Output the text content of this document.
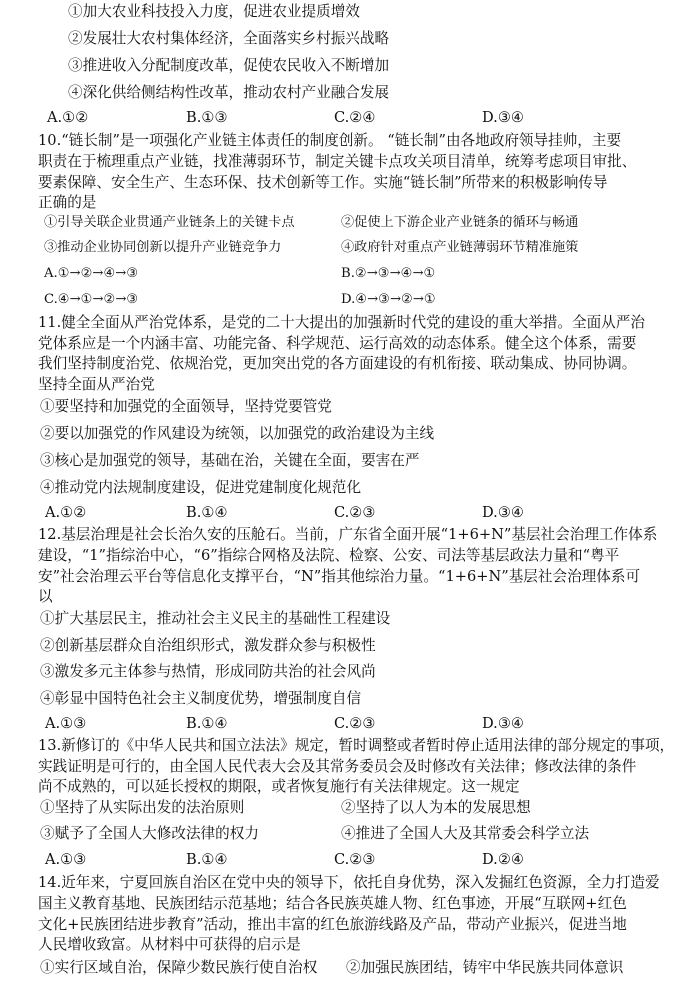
①加大农业科技投入力度，促进农业提质增效
②发展壮大农村集体经济，全面落实乡村振兴战略
③推进收入分配制度改革，促使农民收入不断增加
④深化供给侧结构性改革，推动农村产业融合发展
A.①②	B.①③	C.②④	D.③④
10.“链长制”是一项强化产业链主体责任的制度创新。 “链长制”由各地政府领导挂帅，主要
职责在于梳理重点产业链，找准薄弱环节，制定关键卡点攻关项目清单，统筹考虑项目审批、
要素保障、安全生产、生态环保、技术创新等工作。实施“链长制”所带来的积极影响传导
正确的是
①引导关联企业贯通产业链条上的关键卡点	②促使上下游企业产业链条的循环与畅通
③推动企业协同创新以提升产业链竞争力	④政府针对重点产业链薄弱环节精准施策
A.①→②→④→③	B.②→③→④→①
C.④→①→②→③	D.④→③→②→①
11.健全全面从严治党体系，是党的二十大提出的加强新时代党的建设的重大举措。全面从严治
党体系应是一个内涵丰富、功能完备、科学规范、运行高效的动态体系。健全这个体系，需要
我们坚持制度治党、依规治党，更加突出党的各方面建设的有机衔接、联动集成、协同协调。
坚持全面从严治党
①要坚持和加强党的全面领导，坚持党要管党
②要以加强党的作风建设为统领，以加强党的政治建设为主线
③核心是加强党的领导，基础在治，关键在全面，要害在严
④推动党内法规制度建设，促进党建制度化规范化
A.①②	B.①④	C.②③	D.③④
12.基层治理是社会长治久安的压舱石。当前，广东省全面开展“1+6+N”基层社会治理工作体系
建设，“1”指综治中心，“6”指综合网格及法院、检察、公安、司法等基层政法力量和“粤平
安”社会治理云平台等信息化支撑平台，“N”指其他综治力量。“1+6+N”基层社会治理体系可
以
①扩大基层民主，推动社会主义民主的基础性工程建设
②创新基层群众自治组织形式，激发群众参与积极性
③激发多元主体参与热情，形成同防共治的社会风尚
④彰显中国特色社会主义制度优势，增强制度自信
A.①③	B.①④	C.②③	D.③④
13.新修订的《中华人民共和国立法法》规定，暂时调整或者暂时停止适用法律的部分规定的事项，
实践证明是可行的，由全国人民代表大会及其常务委员会及时修改有关法律；修改法律的条件
尚不成熟的，可以延长授权的期限，或者恢复施行有关法律规定。这一规定
①坚持了从实际出发的法治原则	②坚持了以人为本的发展思想
③赋予了全国人大修改法律的权力	④推进了全国人大及其常委会科学立法
A.①③	B.①④	C.②③	D.②④
14.近年来，宁夏回族自治区在党中央的领导下，依托自身优势，深入发掘红色资源，全力打造爱
国主义教育基地、民族团结示范基地；结合各民族英雄人物、红色事迹，开展“互联网+红色
文化+民族团结进步教育”活动，推出丰富的红色旅游线路及产品，带动产业振兴，促进当地
人民增收致富。从材料中可获得的启示是
①实行区域自治，保障少数民族行使自治权 ②加强民族团结，铸牢中华民族共同体意识
